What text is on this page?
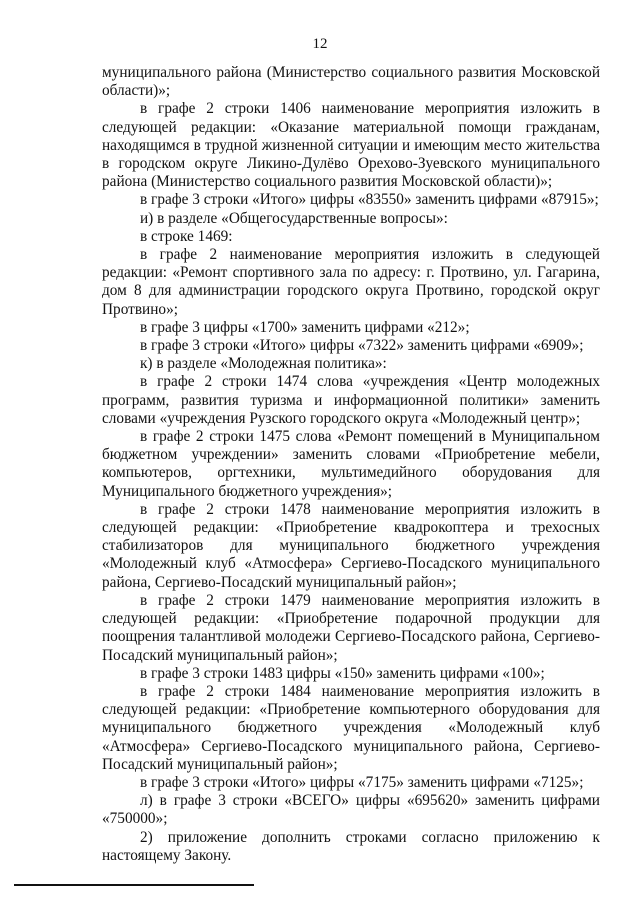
12

муниципального района (Министерство социального развития Московской области)»;

в графе 2 строки 1406 наименование мероприятия изложить в следующей редакции: «Оказание материальной помощи гражданам, находящимся в трудной жизненной ситуации и имеющим место жительства в городском округе Ликино-Дулёво Орехово-Зуевского муниципального района (Министерство социального развития Московской области)»;

в графе 3 строки «Итого» цифры «83550» заменить цифрами «87915»;

и) в разделе «Общегосударственные вопросы»:

в строке 1469:

в графе 2 наименование мероприятия изложить в следующей редакции: «Ремонт спортивного зала по адресу: г. Протвино, ул. Гагарина, дом 8 для администрации городского округа Протвино, городской округ Протвино»;

в графе 3 цифры «1700» заменить цифрами «212»;

в графе 3 строки «Итого» цифры «7322» заменить цифрами «6909»;

к) в разделе «Молодежная политика»:

в графе 2 строки 1474 слова «учреждения «Центр молодежных программ, развития туризма и информационной политики» заменить словами «учреждения Рузского городского округа «Молодежный центр»;

в графе 2 строки 1475 слова «Ремонт помещений в Муниципальном бюджетном учреждении» заменить словами «Приобретение мебели, компьютеров, оргтехники, мультимедийного оборудования для Муниципального бюджетного учреждения»;

в графе 2 строки 1478 наименование мероприятия изложить в следующей редакции: «Приобретение квадрокоптера и трехосных стабилизаторов для муниципального бюджетного учреждения «Молодежный клуб «Атмосфера» Сергиево-Посадского муниципального района, Сергиево-Посадский муниципальный район»;

в графе 2 строки 1479 наименование мероприятия изложить в следующей редакции: «Приобретение подарочной продукции для поощрения талантливой молодежи Сергиево-Посадского района, Сергиево-Посадский муниципальный район»;

в графе 3 строки 1483 цифры «150» заменить цифрами «100»;

в графе 2 строки 1484 наименование мероприятия изложить в следующей редакции: «Приобретение компьютерного оборудования для муниципального бюджетного учреждения «Молодежный клуб «Атмосфера» Сергиево-Посадского муниципального района, Сергиево-Посадский муниципальный район»;

в графе 3 строки «Итого» цифры «7175» заменить цифрами «7125»;

л) в графе 3 строки «ВСЕГО» цифры «695620» заменить цифрами «750000»;

2) приложение дополнить строками согласно приложению к настоящему Закону.
